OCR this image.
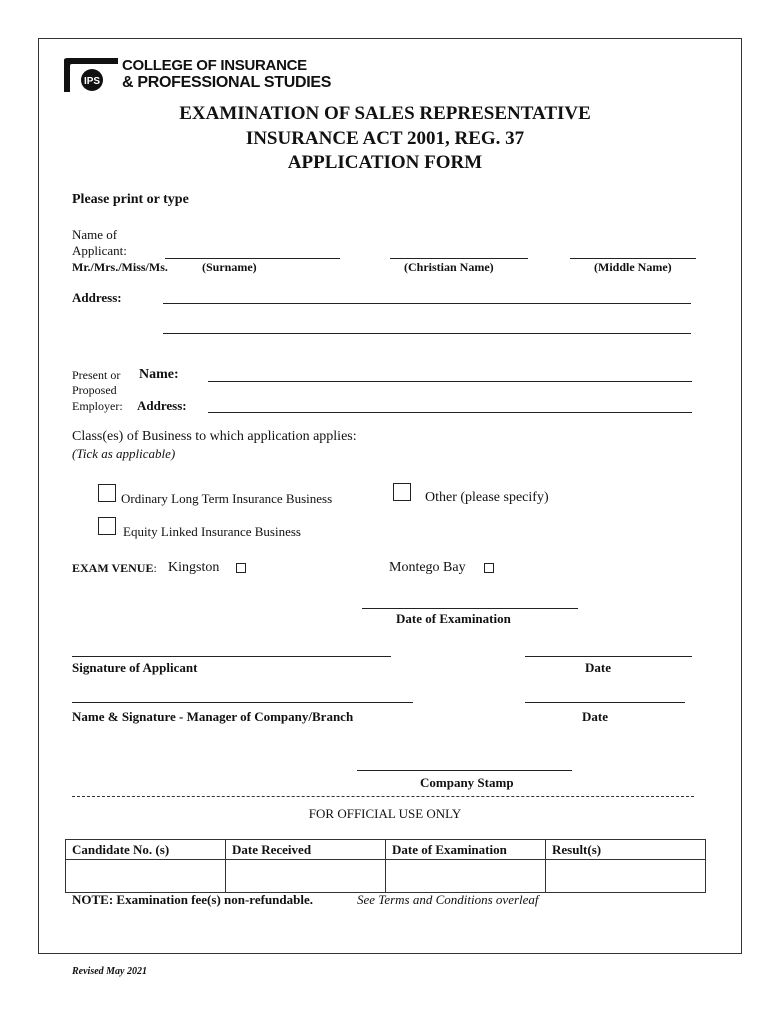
IPS
COLLEGE OF INSURANCE
& PROFESSIONAL STUDIES
EXAMINATION OF SALES REPRESENTATIVE
INSURANCE ACT 2001, REG. 37
APPLICATION FORM
Please print or type
Name of
Applicant:
Mr./Mrs./Miss/Ms.	(Surname)	(Christian Name)	(Middle Name)
Address:
Present or
Proposed
Employer:
Name:
Address:
Class(es) of Business to which application applies:
(Tick as applicable)
Ordinary Long Term Insurance Business	Other (please specify)
Equity Linked Insurance Business
EXAM VENUE: Kingston	Montego Bay
Date of Examination
Signature of Applicant	Date
Name & Signature - Manager of Company/Branch	Date
Company Stamp
FOR OFFICIAL USE ONLY
Candidate No. (s)	Date Received	Date of Examination	Result(s)

NOTE: Examination fee(s) non-refundable.	See Terms and Conditions overleaf
Revised May 2021
